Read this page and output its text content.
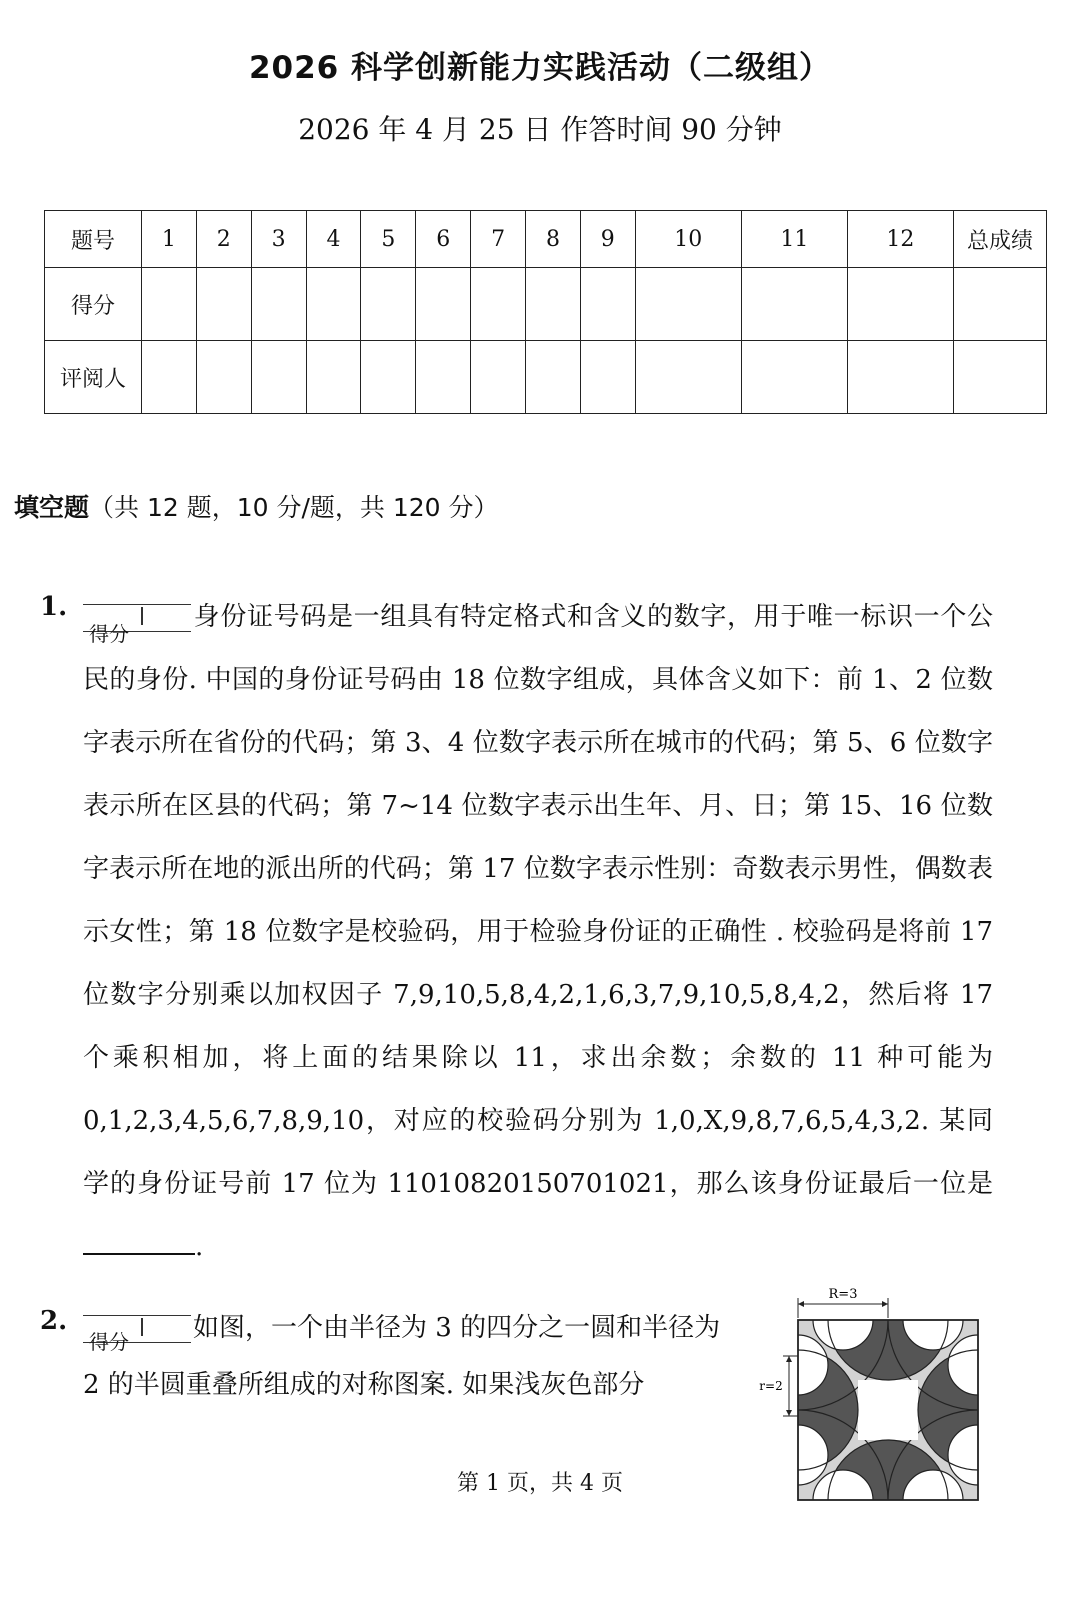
2026 科学创新能力实践活动（二级组）
2026 年 4 月 25 日 作答时间 90 分钟
题号	1	2	3	4	5	6	7	8	9	10	11	12	总成绩
得分													
评阅人													
填空题（共 12 题，10 分/题，共 120 分）
1.
得分
身份证号码是一组具有特定格式和含义的数字，用于唯一标识一个公民的身份. 中国的身份证号码由 18 位数字组成，具体含义如下：前 1、2 位数字表示所在省份的代码；第 3、4 位数字表示所在城市的代码；第 5、6 位数字表示所在区县的代码；第 7~14 位数字表示出生年、月、日；第 15、16 位数字表示所在地的派出所的代码；第 17 位数字表示性别：奇数表示男性，偶数表示女性；第 18 位数字是校验码，用于检验身份证的正确性 . 校验码是将前 17 位数字分别乘以加权因子 7,9,10,5,8,4,2,1,6,3,7,9,10,5,8,4,2，然后将 17 个乘积相加，将上面的结果除以 11，求出余数；余数的 11 种可能为 0,1,2,3,4,5,6,7,8,9,10，对应的校验码分别为 1,0,X,9,8,7,6,5,4,3,2. 某同学的身份证号前 17 位为 11010820150701021，那么该身份证最后一位是.
2.
得分 如图，一个由半径为 3 的四分之一圆和半径为 2 的半圆重叠所组成的对称图案. 如果浅灰色部分
R=3
r=2
第 1 页，共 4 页
